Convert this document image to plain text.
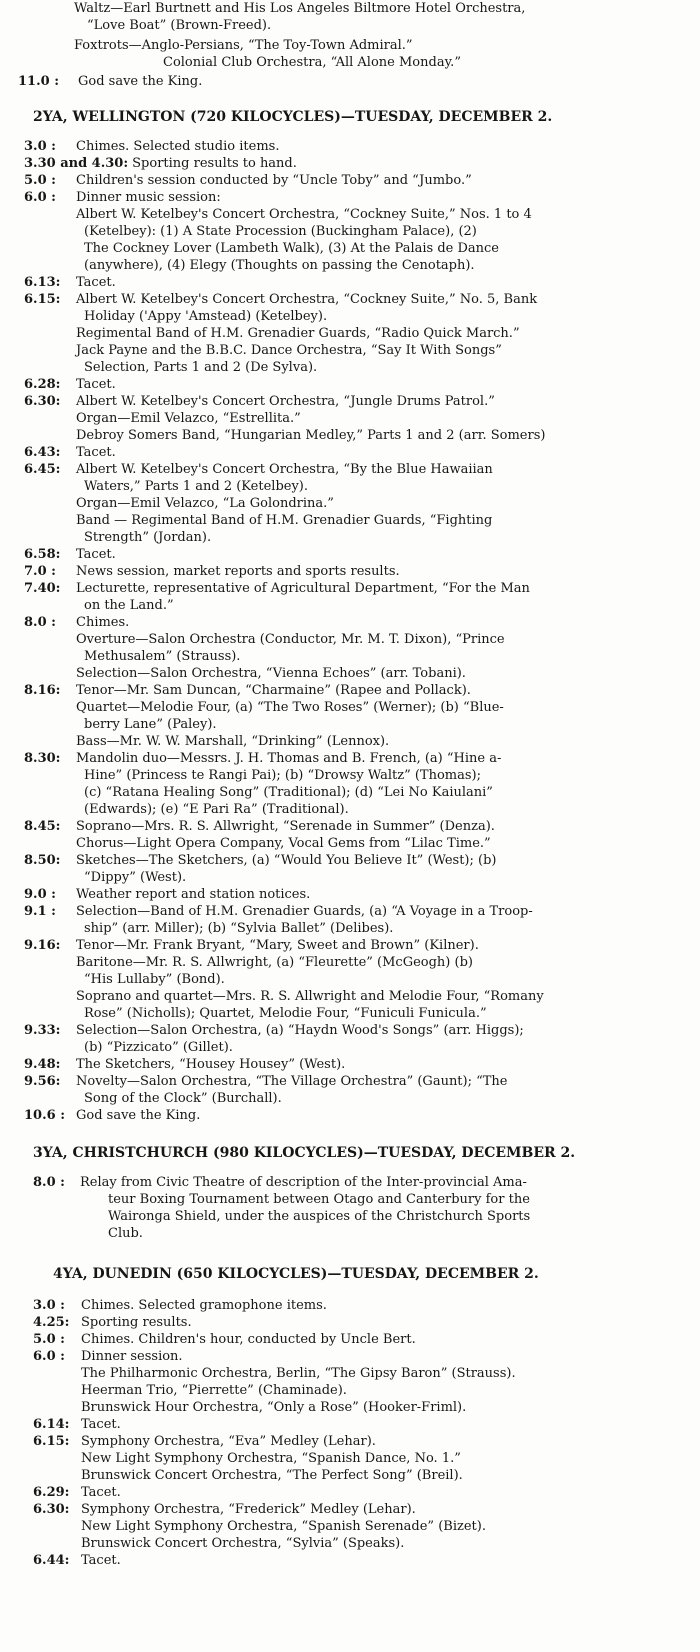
Waltz—Earl Burtnett and His Los Angeles Biltmore Hotel Orchestra,
“Love Boat” (Brown-Freed).
Foxtrots—Anglo-Persians, “The Toy-Town Admiral.”
Colonial Club Orchestra, “All Alone Monday.”
11.0 :	God save the King.
2YA, WELLINGTON (720 KILOCYCLES)—TUESDAY, DECEMBER 2.
3.0 :	Chimes. Selected studio items.
3.30 and 4.30: Sporting results to hand.
5.0 :	Children's session conducted by “Uncle Toby” and “Jumbo.”
6.0 :	Dinner music session:
Albert W. Ketelbey's Concert Orchestra, “Cockney Suite,” Nos. 1 to 4
(Ketelbey): (1) A State Procession (Buckingham Palace), (2)
The Cockney Lover (Lambeth Walk), (3) At the Palais de Dance
(anywhere), (4) Elegy (Thoughts on passing the Cenotaph).
6.13:	Tacet.
6.15:	Albert W. Ketelbey's Concert Orchestra, “Cockney Suite,” No. 5, Bank
Holiday ('Appy 'Amstead) (Ketelbey).
Regimental Band of H.M. Grenadier Guards, “Radio Quick March.”
Jack Payne and the B.B.C. Dance Orchestra, “Say It With Songs”
Selection, Parts 1 and 2 (De Sylva).
6.28:	Tacet.
6.30:	Albert W. Ketelbey's Concert Orchestra, “Jungle Drums Patrol.”
Organ—Emil Velazco, “Estrellita.”
Debroy Somers Band, “Hungarian Medley,” Parts 1 and 2 (arr. Somers)
6.43:	Tacet.
6.45:	Albert W. Ketelbey's Concert Orchestra, “By the Blue Hawaiian
Waters,” Parts 1 and 2 (Ketelbey).
Organ—Emil Velazco, “La Golondrina.”
Band — Regimental Band of H.M. Grenadier Guards, “Fighting
Strength” (Jordan).
6.58:	Tacet.
7.0 :	News session, market reports and sports results.
7.40:	Lecturette, representative of Agricultural Department, “For the Man
on the Land.”
8.0 :	Chimes.
Overture—Salon Orchestra (Conductor, Mr. M. T. Dixon), “Prince
Methusalem” (Strauss).
Selection—Salon Orchestra, “Vienna Echoes” (arr. Tobani).
8.16:	Tenor—Mr. Sam Duncan, “Charmaine” (Rapee and Pollack).
Quartet—Melodie Four, (a) “The Two Roses” (Werner); (b) “Blue-
berry Lane” (Paley).
Bass—Mr. W. W. Marshall, “Drinking” (Lennox).
8.30:	Mandolin duo—Messrs. J. H. Thomas and B. French, (a) “Hine a-
Hine” (Princess te Rangi Pai); (b) “Drowsy Waltz” (Thomas);
(c) “Ratana Healing Song” (Traditional); (d) “Lei No Kaiulani”
(Edwards); (e) “E Pari Ra” (Traditional).
8.45:	Soprano—Mrs. R. S. Allwright, “Serenade in Summer” (Denza).
Chorus—Light Opera Company, Vocal Gems from “Lilac Time.”
8.50:	Sketches—The Sketchers, (a) “Would You Believe It” (West); (b)
“Dippy” (West).
9.0 :	Weather report and station notices.
9.1 :	Selection—Band of H.M. Grenadier Guards, (a) “A Voyage in a Troop-
ship” (arr. Miller); (b) “Sylvia Ballet” (Delibes).
9.16:	Tenor—Mr. Frank Bryant, “Mary, Sweet and Brown” (Kilner).
Baritone—Mr. R. S. Allwright, (a) “Fleurette” (McGeogh) (b)
“His Lullaby” (Bond).
Soprano and quartet—Mrs. R. S. Allwright and Melodie Four, “Romany
Rose” (Nicholls); Quartet, Melodie Four, “Funiculi Funicula.”
9.33:	Selection—Salon Orchestra, (a) “Haydn Wood's Songs” (arr. Higgs);
(b) “Pizzicato” (Gillet).
9.48:	The Sketchers, “Housey Housey” (West).
9.56:	Novelty—Salon Orchestra, “The Village Orchestra” (Gaunt); “The
Song of the Clock” (Burchall).
10.6 : God save the King.
3YA, CHRISTCHURCH (980 KILOCYCLES)—TUESDAY, DECEMBER 2.
8.0 :	Relay from Civic Theatre of description of the Inter-provincial Ama-
teur Boxing Tournament between Otago and Canterbury for the
Waironga Shield, under the auspices of the Christchurch Sports
Club.
4YA, DUNEDIN (650 KILOCYCLES)—TUESDAY, DECEMBER 2.
3.0 :	Chimes. Selected gramophone items.
4.25: Sporting results.
5.0 :	Chimes. Children's hour, conducted by Uncle Bert.
6.0 :	Dinner session.
The Philharmonic Orchestra, Berlin, “The Gipsy Baron” (Strauss).
Heerman Trio, “Pierrette” (Chaminade).
Brunswick Hour Orchestra, “Only a Rose” (Hooker-Friml).
6.14: Tacet.
6.15: Symphony Orchestra, “Eva” Medley (Lehar).
New Light Symphony Orchestra, “Spanish Dance, No. 1.”
Brunswick Concert Orchestra, “The Perfect Song” (Breil).
6.29: Tacet.
6.30: Symphony Orchestra, “Frederick” Medley (Lehar).
New Light Symphony Orchestra, “Spanish Serenade” (Bizet).
Brunswick Concert Orchestra, “Sylvia” (Speaks).
6.44: Tacet.
